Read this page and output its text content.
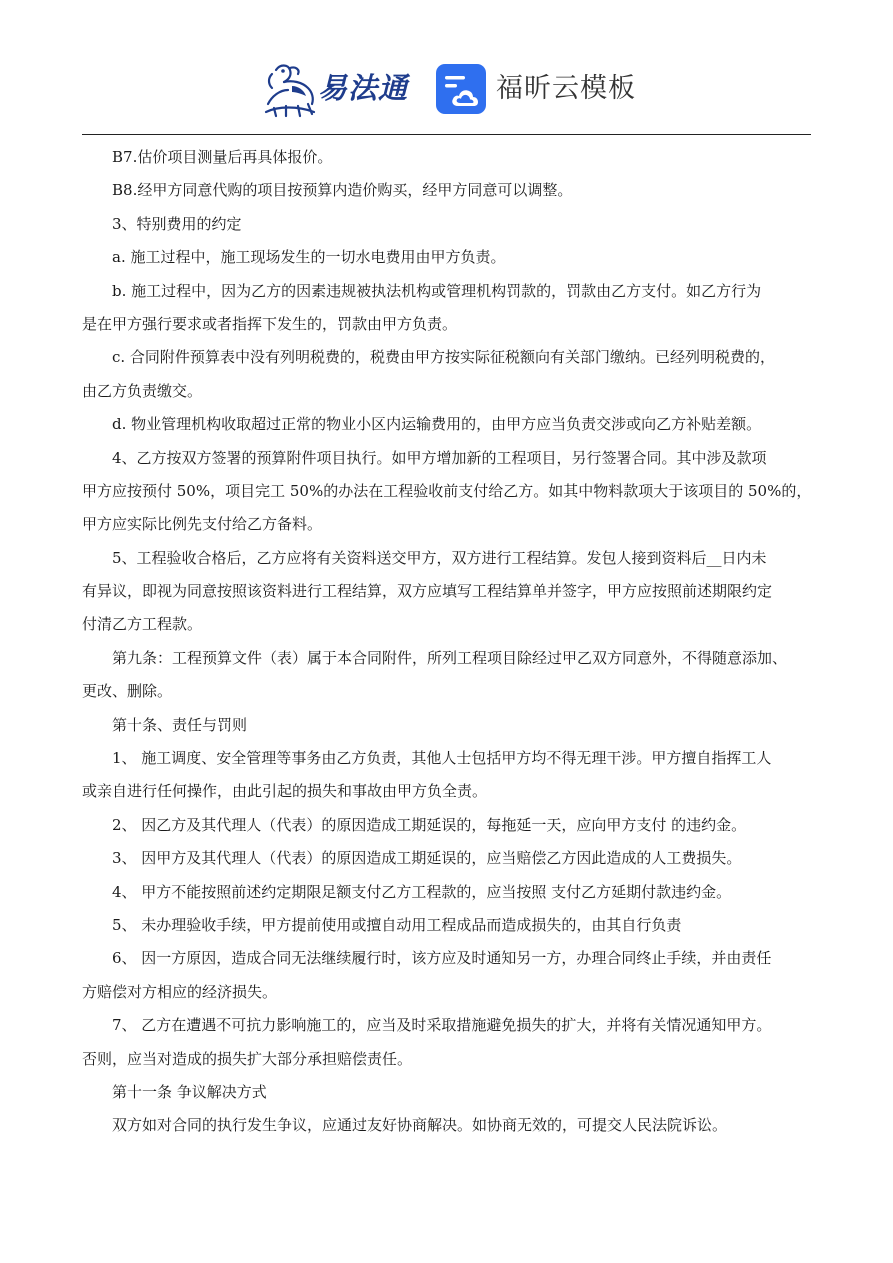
易法通	福昕云模板
B7.估价项目测量后再具体报价。
B8.经甲方同意代购的项目按预算内造价购买，经甲方同意可以调整。
3、特别费用的约定
a. 施工过程中，施工现场发生的一切水电费用由甲方负责。
b. 施工过程中，因为乙方的因素违规被执法机构或管理机构罚款的，罚款由乙方支付。如乙方行为
是在甲方强行要求或者指挥下发生的，罚款由甲方负责。
c. 合同附件预算表中没有列明税费的，税费由甲方按实际征税额向有关部门缴纳。已经列明税费的，
由乙方负责缴交。
d. 物业管理机构收取超过正常的物业小区内运输费用的，由甲方应当负责交涉或向乙方补贴差额。
4、乙方按双方签署的预算附件项目执行。如甲方增加新的工程项目，另行签署合同。其中涉及款项
甲方应按预付 50%，项目完工 50%的办法在工程验收前支付给乙方。如其中物料款项大于该项目的 50%的，
甲方应实际比例先支付给乙方备料。
5、工程验收合格后，乙方应将有关资料送交甲方，双方进行工程结算。发包人接到资料后__日内未
有异议，即视为同意按照该资料进行工程结算，双方应填写工程结算单并签字，甲方应按照前述期限约定
付清乙方工程款。
第九条：工程预算文件（表）属于本合同附件，所列工程项目除经过甲乙双方同意外，不得随意添加、
更改、删除。
第十条、责任与罚则
1、 施工调度、安全管理等事务由乙方负责，其他人士包括甲方均不得无理干涉。甲方擅自指挥工人
或亲自进行任何操作，由此引起的损失和事故由甲方负全责。
2、 因乙方及其代理人（代表）的原因造成工期延误的，每拖延一天，应向甲方支付 的违约金。
3、 因甲方及其代理人（代表）的原因造成工期延误的，应当赔偿乙方因此造成的人工费损失。
4、 甲方不能按照前述约定期限足额支付乙方工程款的，应当按照 支付乙方延期付款违约金。
5、 未办理验收手续，甲方提前使用或擅自动用工程成品而造成损失的，由其自行负责
6、 因一方原因，造成合同无法继续履行时，该方应及时通知另一方，办理合同终止手续，并由责任
方赔偿对方相应的经济损失。
7、 乙方在遭遇不可抗力影响施工的，应当及时采取措施避免损失的扩大，并将有关情况通知甲方。
否则，应当对造成的损失扩大部分承担赔偿责任。
第十一条 争议解决方式
双方如对合同的执行发生争议，应通过友好协商解决。如协商无效的，可提交人民法院诉讼。
